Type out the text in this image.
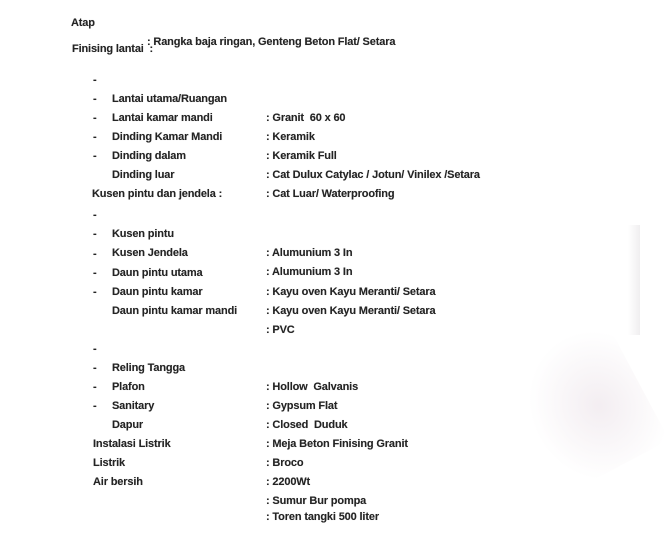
Atap

: Rangka baja ringan, Genteng Beton Flat/ Setara

Finising lantai  :

-

Lantai utama/Ruangan

: Granit  60 x 60

-

Lantai kamar mandi

: Keramik

-

Dinding Kamar Mandi

: Keramik Full

-

Dinding dalam

: Cat Dulux Catylac / Jotun/ Vinilex /Setara

-

Dinding luar

: Cat Luar/ Waterproofing

Kusen pintu dan jendela :

-

Kusen pintu

: Alumunium 3 In

-

Kusen Jendela

: Alumunium 3 In

-

Daun pintu utama

: Kayu oven Kayu Meranti/ Setara

-

Daun pintu kamar

: Kayu oven Kayu Meranti/ Setara

-

Daun pintu kamar mandi

: PVC

-

Reling Tangga

: Hollow  Galvanis

-

Plafon

: Gypsum Flat

-

Sanitary

: Closed  Duduk

-

Dapur

: Meja Beton Finising Granit

Instalasi Listrik

: Broco

Listrik

: 2200Wt

Air bersih

: Sumur Bur pompa

: Toren tangki 500 liter
